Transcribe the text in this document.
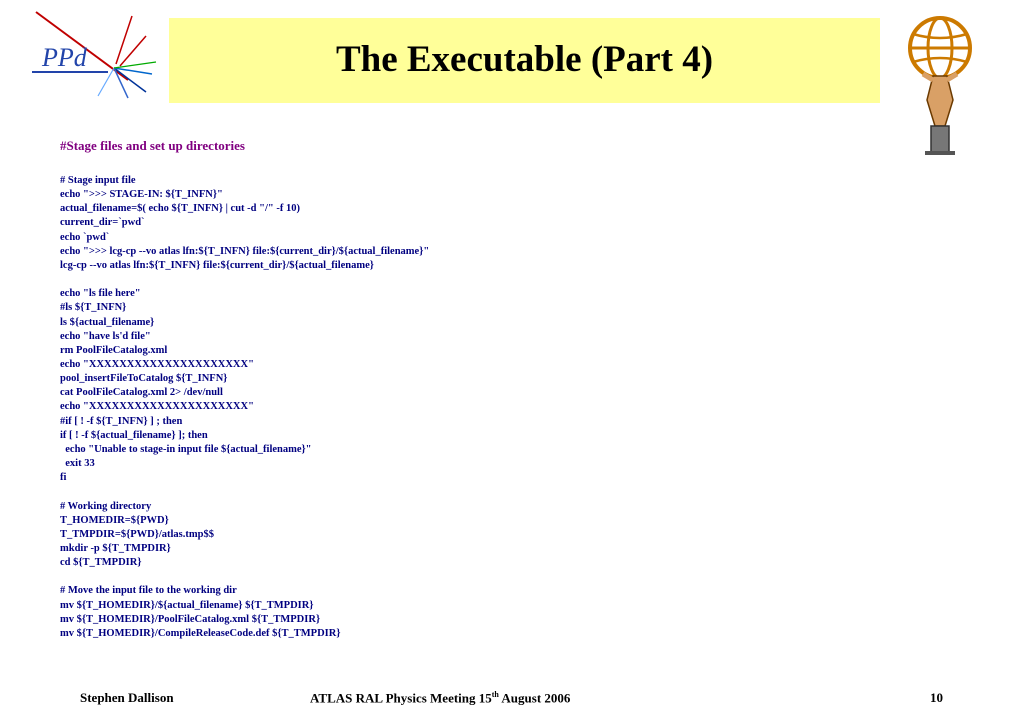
PPd	The Executable (Part 4)
#Stage files and set up directories
# Stage input file
echo ">>> STAGE-IN: ${T_INFN}"
actual_filename=$( echo ${T_INFN} | cut -d "/" -f 10)
current_dir=`pwd`
echo `pwd`
echo ">>> lcg-cp --vo atlas lfn:${T_INFN} file:${current_dir}/${actual_filename}"
lcg-cp --vo atlas lfn:${T_INFN} file:${current_dir}/${actual_filename}
echo "ls file here"
#ls ${T_INFN}
ls ${actual_filename}
echo "have ls'd file"
rm PoolFileCatalog.xml
echo "XXXXXXXXXXXXXXXXXXXXX"
pool_insertFileToCatalog ${T_INFN}
cat PoolFileCatalog.xml 2> /dev/null
echo "XXXXXXXXXXXXXXXXXXXXX"
#if [ ! -f ${T_INFN} ] ; then
if [ ! -f ${actual_filename} ]; then
echo "Unable to stage-in input file ${actual_filename}"
exit 33
fi
# Working directory
T_HOMEDIR=${PWD}
T_TMPDIR=${PWD}/atlas.tmp$$
mkdir -p ${T_TMPDIR}
cd ${T_TMPDIR}
# Move the input file to the working dir
mv ${T_HOMEDIR}/${actual_filename} ${T_TMPDIR}
mv ${T_HOMEDIR}/PoolFileCatalog.xml ${T_TMPDIR}
mv ${T_HOMEDIR}/CompileReleaseCode.def ${T_TMPDIR}
Stephen Dallison	ATLAS RAL Physics Meeting 15th August 2006	10
